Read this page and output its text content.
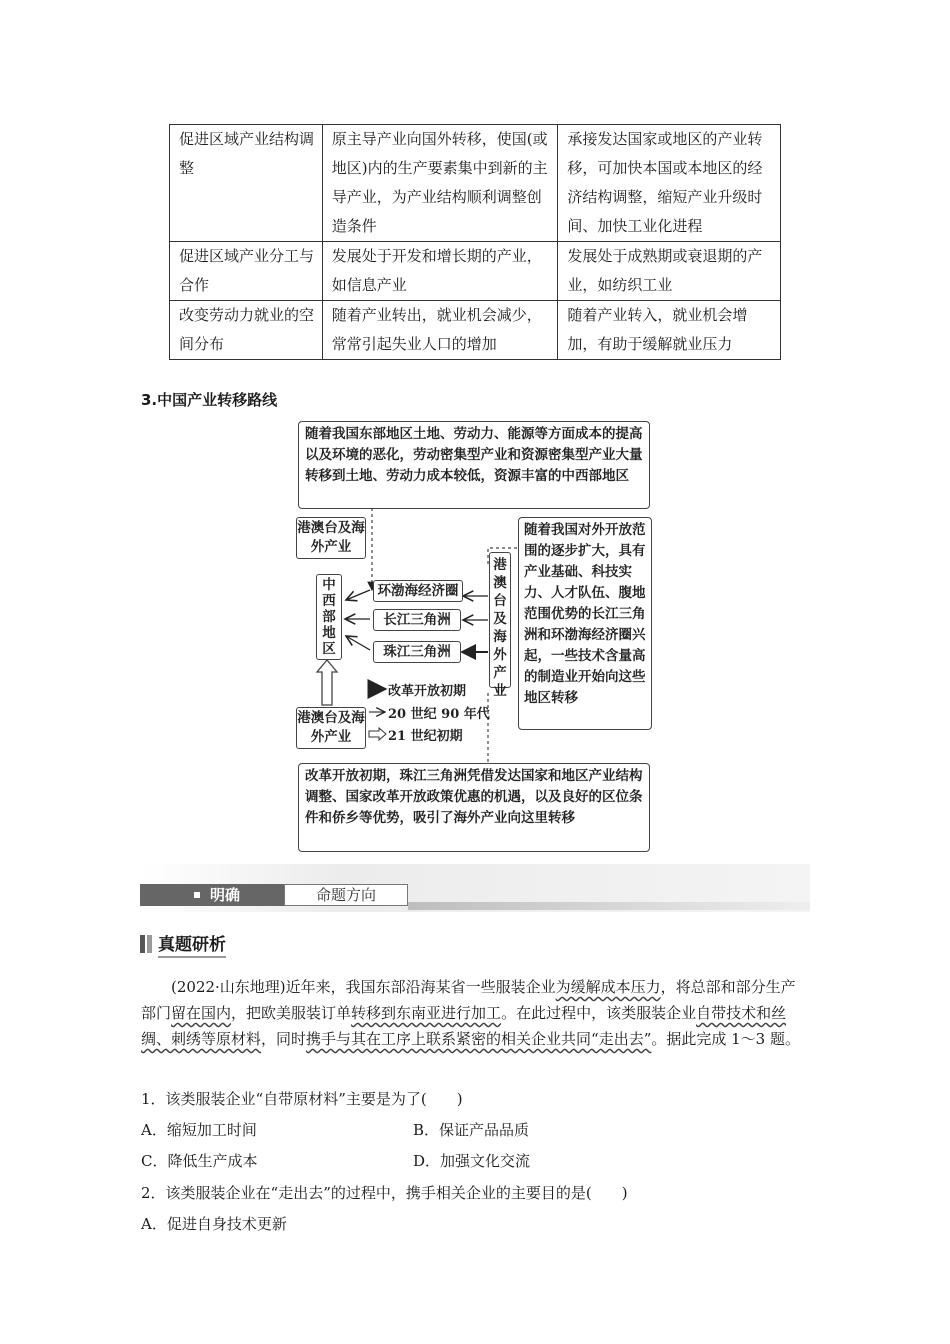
促进区域产业结构调整	原主导产业向国外转移，使国(或地区)内的生产要素集中到新的主导产业，为产业结构顺利调整创造条件	承接发达国家或地区的产业转移，可加快本国或本地区的经济结构调整，缩短产业升级时间、加快工业化进程
促进区域产业分工与合作	发展处于开发和增长期的产业，如信息产业	发展处于成熟期或衰退期的产业，如纺织工业
改变劳动力就业的空间分布	随着产业转出，就业机会减少，常常引起失业人口的增加	随着产业转入，就业机会增加，有助于缓解就业压力
3.中国产业转移路线
随着我国东部地区土地、劳动力、能源等方面成本的提高以及环境的恶化，劳动密集型产业和资源密集型产业大量转移到土地、劳动力成本较低，资源丰富的中西部地区
港澳台及海外产业
中西部地区
环渤海经济圈
长江三角洲
珠江三角洲
港澳台及海外产业
随着我国对外开放范围的逐步扩大，具有产业基础、科技实力、人才队伍、腹地范围优势的长江三角洲和环渤海经济圈兴起，一些技术含量高的制造业开始向这些地区转移
港澳台及海外产业
改革开放初期
20 世纪 90 年代
21 世纪初期
改革开放初期，珠江三角洲凭借发达国家和地区产业结构调整、国家改革开放政策优惠的机遇，以及良好的区位条件和侨乡等优势，吸引了海外产业向这里转移
明确	命题方向
真题研析
(2022·山东地理)近年来，我国东部沿海某省一些服装企业为缓解成本压力，将总部和部分生产部门留在国内，把欧美服装订单转移到东南亚进行加工。在此过程中，该类服装企业自带技术和丝绸、刺绣等原材料，同时携手与其在工序上联系紧密的相关企业共同“走出去”。据此完成 1～3 题。
1．该类服装企业“自带原材料”主要是为了(　　)
A．缩短加工时间	B．保证产品品质
C．降低生产成本	D．加强文化交流
2．该类服装企业在“走出去”的过程中，携手相关企业的主要目的是(　　)
A．促进自身技术更新
